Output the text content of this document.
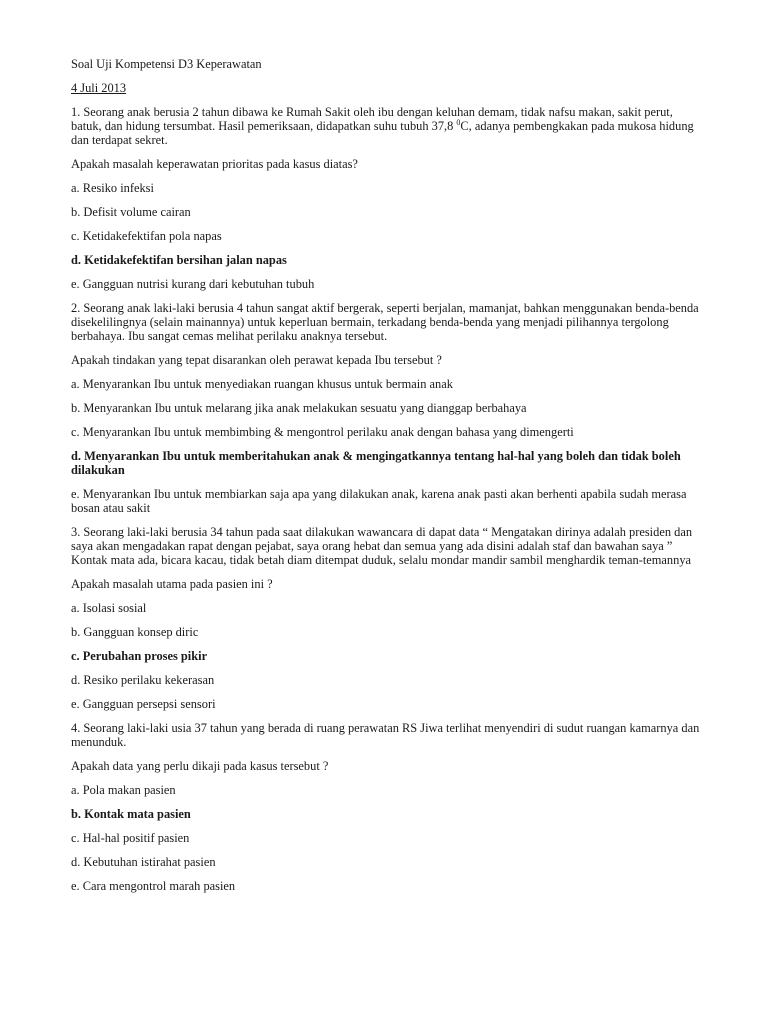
Soal Uji Kompetensi D3 Keperawatan
4 Juli 2013
1. Seorang anak berusia 2 tahun dibawa ke Rumah Sakit oleh ibu dengan keluhan demam, tidak nafsu makan, sakit perut, batuk, dan hidung tersumbat. Hasil pemeriksaan, didapatkan suhu tubuh 37,8 $^0$C, adanya pembengkakan pada mukosa hidung dan terdapat sekret.
Apakah masalah keperawatan prioritas pada kasus diatas?
a. Resiko infeksi
b. Defisit volume cairan
c. Ketidakefektifan pola napas
d. Ketidakefektifan bersihan jalan napas
e. Gangguan nutrisi kurang dari kebutuhan tubuh
2. Seorang anak laki-laki berusia 4 tahun sangat aktif bergerak, seperti berjalan, mamanjat, bahkan menggunakan benda-benda disekelilingnya (selain mainannya) untuk keperluan bermain, terkadang benda-benda yang menjadi pilihannya tergolong berbahaya. Ibu sangat cemas melihat perilaku anaknya tersebut.
Apakah tindakan yang tepat disarankan oleh perawat kepada Ibu tersebut ?
a. Menyarankan Ibu untuk menyediakan ruangan khusus untuk bermain anak
b. Menyarankan Ibu untuk melarang jika anak melakukan sesuatu yang dianggap berbahaya
c. Menyarankan Ibu untuk membimbing & mengontrol perilaku anak dengan bahasa yang dimengerti
d. Menyarankan Ibu untuk memberitahukan anak & mengingatkannya tentang hal-hal yang boleh dan tidak boleh dilakukan
e. Menyarankan Ibu untuk membiarkan saja apa yang dilakukan anak, karena anak pasti akan berhenti apabila sudah merasa bosan atau sakit
3. Seorang laki-laki berusia 34 tahun pada saat dilakukan wawancara di dapat data “ Mengatakan dirinya adalah presiden dan saya akan mengadakan rapat dengan pejabat, saya orang hebat dan semua yang ada disini adalah staf dan bawahan saya ” Kontak mata ada, bicara kacau, tidak betah diam ditempat duduk, selalu mondar mandir sambil menghardik teman-temannya
Apakah masalah utama pada pasien ini ?
a. Isolasi sosial
b. Gangguan konsep diric
c. Perubahan proses pikir
d. Resiko perilaku kekerasan
e. Gangguan persepsi sensori
4. Seorang laki-laki usia 37 tahun yang berada di ruang perawatan RS Jiwa terlihat menyendiri di sudut ruangan kamarnya dan menunduk.
Apakah data yang perlu dikaji pada kasus tersebut ?
a. Pola makan pasien
b. Kontak mata pasien
c. Hal-hal positif pasien
d. Kebutuhan istirahat pasien
e. Cara mengontrol marah pasien
